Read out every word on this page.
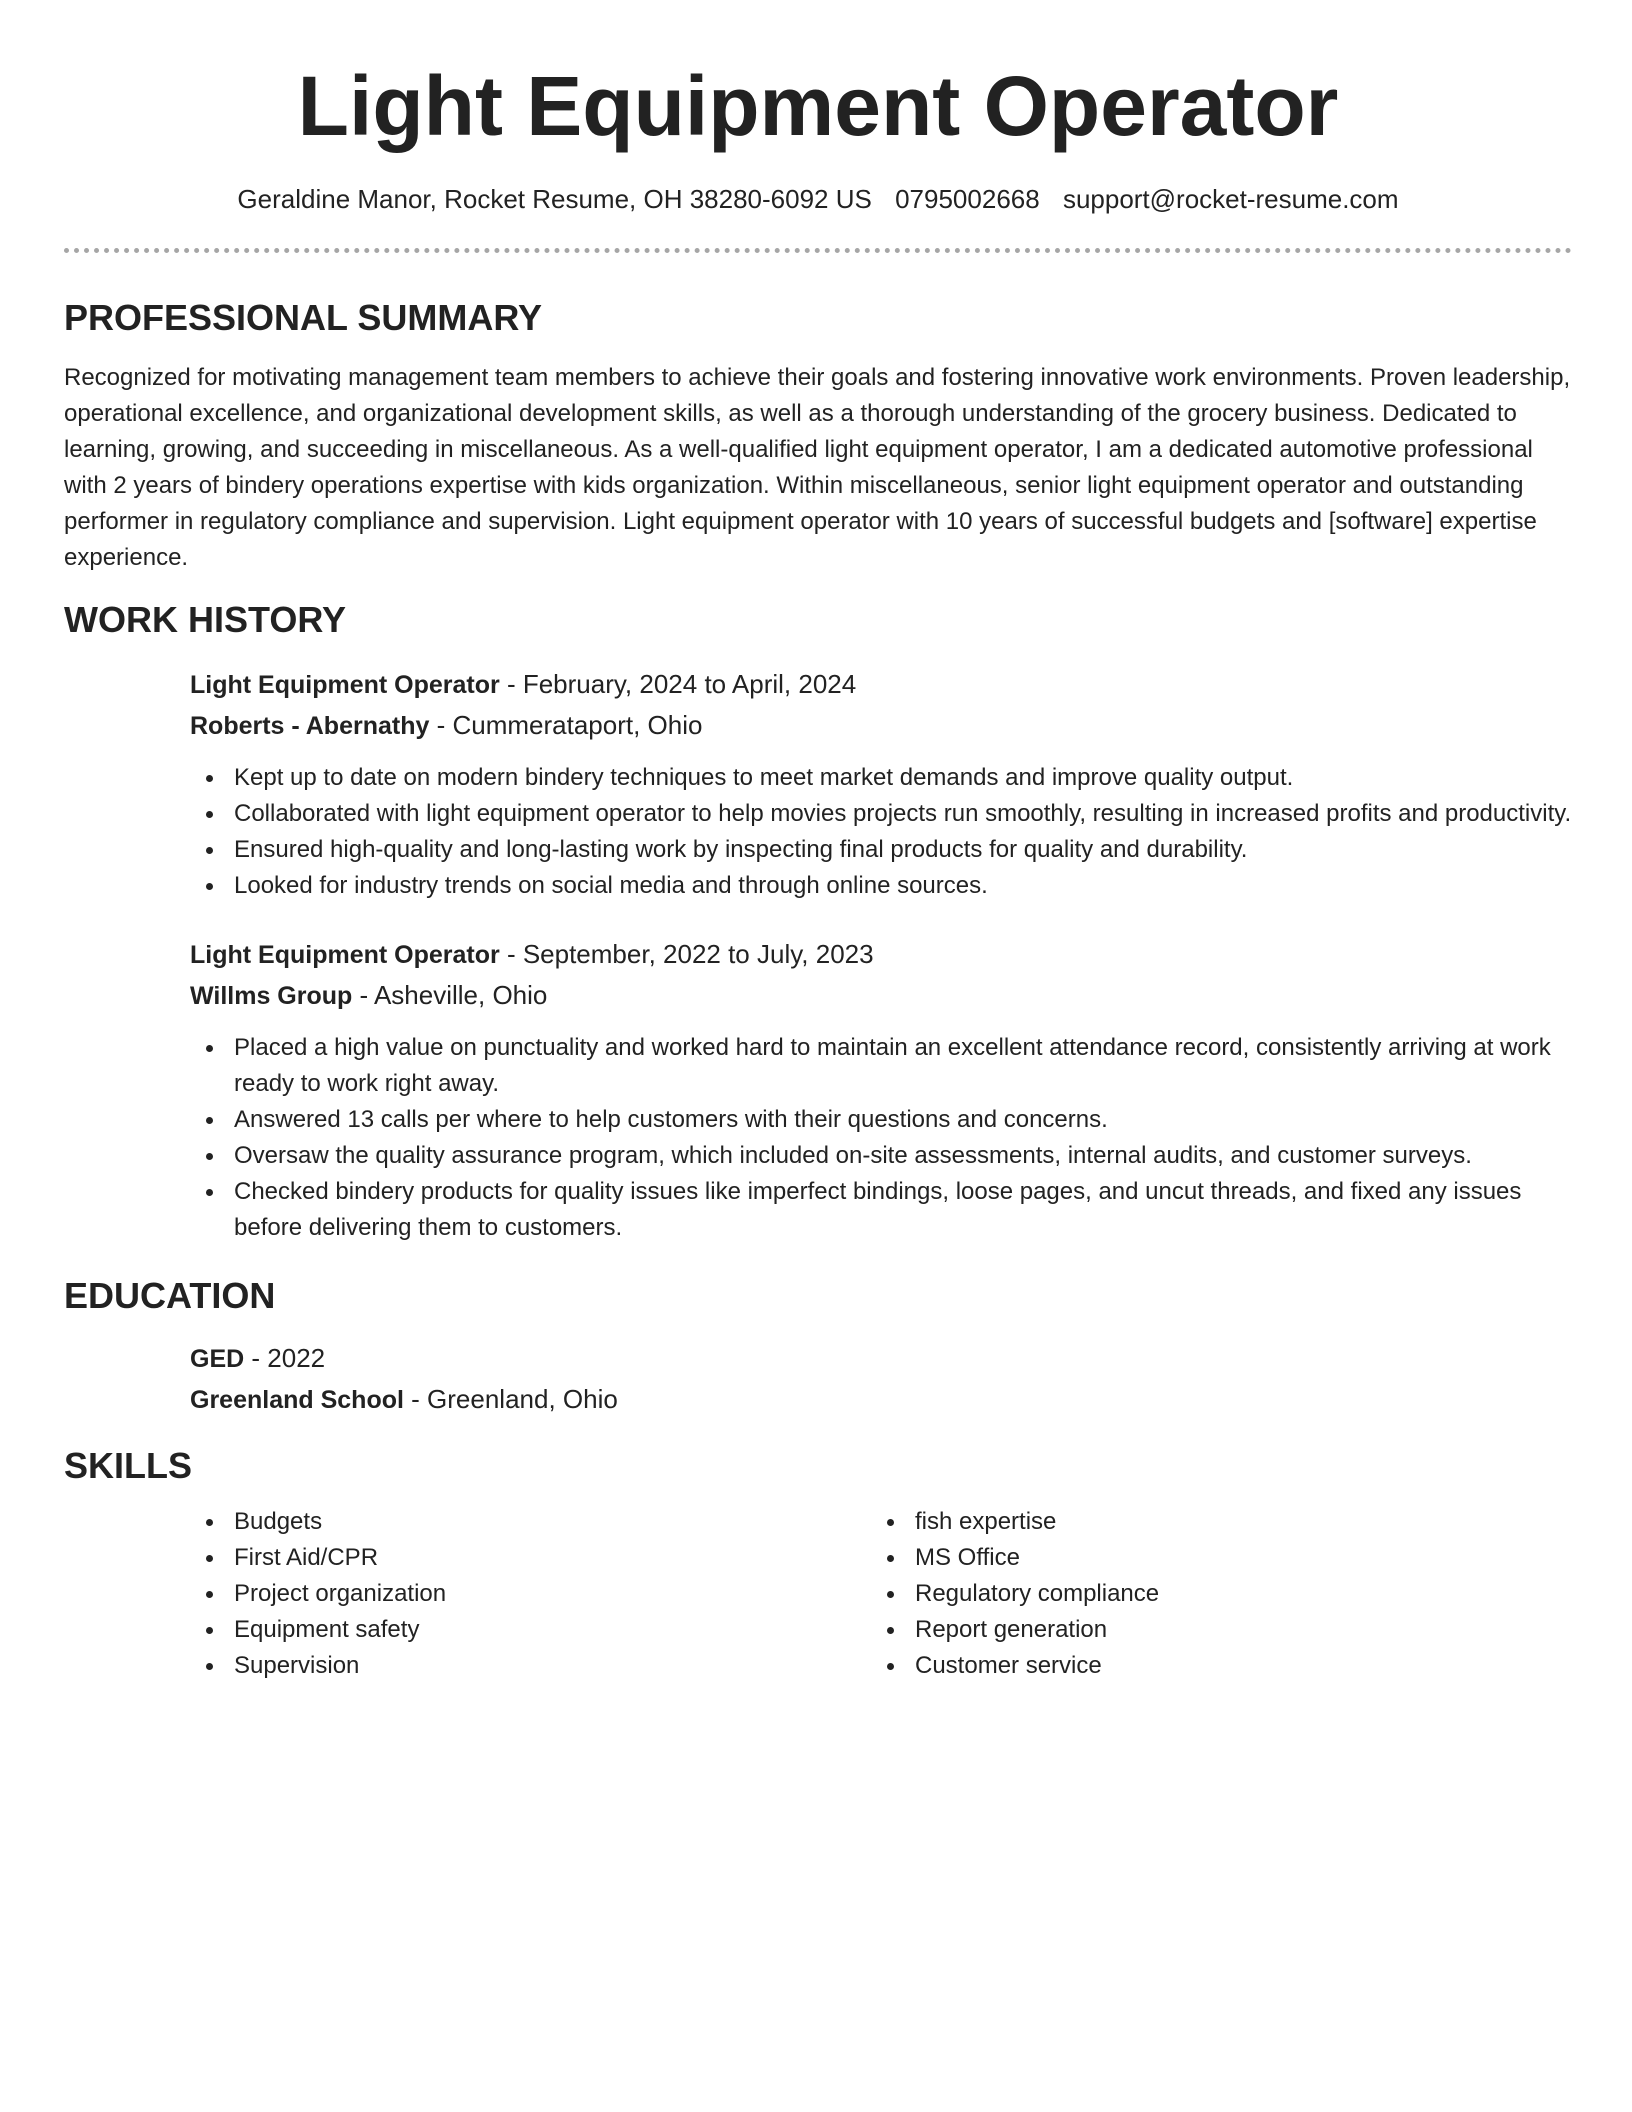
Light Equipment Operator
Geraldine Manor, Rocket Resume, OH 38280-6092 US 0795002668 support@rocket-resume.com
PROFESSIONAL SUMMARY

Recognized for motivating management team members to achieve their goals and fostering innovative work environments. Proven leadership, operational excellence, and organizational development skills, as well as a thorough understanding of the grocery business. Dedicated to learning, growing, and succeeding in miscellaneous. As a well-qualified light equipment operator, I am a dedicated automotive professional with 2 years of bindery operations expertise with kids organization. Within miscellaneous, senior light equipment operator and outstanding performer in regulatory compliance and supervision. Light equipment operator with 10 years of successful budgets and [software] expertise experience.

WORK HISTORY
Light Equipment Operator - February, 2024 to April, 2024
Roberts - Abernathy - Cummerataport, Ohio
Kept up to date on modern bindery techniques to meet market demands and improve quality output.
Collaborated with light equipment operator to help movies projects run smoothly, resulting in increased profits and productivity.
Ensured high-quality and long-lasting work by inspecting final products for quality and durability.
Looked for industry trends on social media and through online sources.
Light Equipment Operator - September, 2022 to July, 2023
Willms Group - Asheville, Ohio
Placed a high value on punctuality and worked hard to maintain an excellent attendance record, consistently arriving at work ready to work right away.
Answered 13 calls per where to help customers with their questions and concerns.
Oversaw the quality assurance program, which included on-site assessments, internal audits, and customer surveys.
Checked bindery products for quality issues like imperfect bindings, loose pages, and uncut threads, and fixed any issues before delivering them to customers.
EDUCATION
GED - 2022
Greenland School - Greenland, Ohio
SKILLS
Budgets
First Aid/CPR
Project organization
Equipment safety
Supervision
fish expertise
MS Office
Regulatory compliance
Report generation
Customer service
